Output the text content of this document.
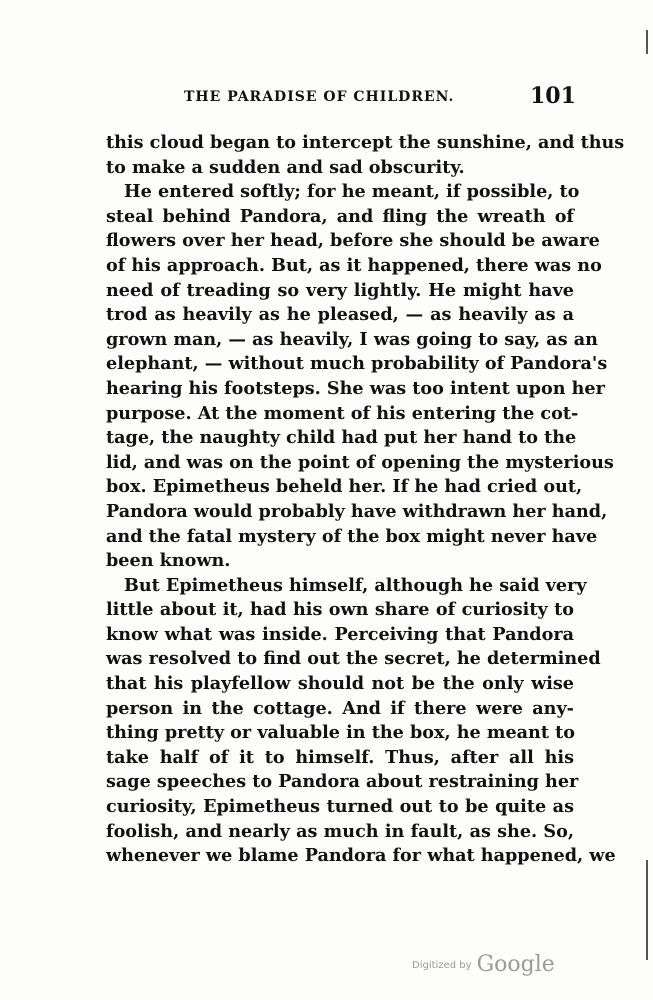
THE PARADISE OF CHILDREN.	101
this cloud began to intercept the sunshine, and thus
to make a sudden and sad obscurity.
He entered softly; for he meant, if possible, to
steal behind Pandora, and fling the wreath of
flowers over her head, before she should be aware
of his approach. But, as it happened, there was no
need of treading so very lightly. He might have
trod as heavily as he pleased, — as heavily as a
grown man, — as heavily, I was going to say, as an
elephant, — without much probability of Pandora's
hearing his footsteps. She was too intent upon her
purpose. At the moment of his entering the cot-
tage, the naughty child had put her hand to the
lid, and was on the point of opening the mysterious
box. Epimetheus beheld her. If he had cried out,
Pandora would probably have withdrawn her hand,
and the fatal mystery of the box might never have
been known.
But Epimetheus himself, although he said very
little about it, had his own share of curiosity to
know what was inside. Perceiving that Pandora
was resolved to find out the secret, he determined
that his playfellow should not be the only wise
person in the cottage. And if there were any-
thing pretty or valuable in the box, he meant to
take half of it to himself. Thus, after all his
sage speeches to Pandora about restraining her
curiosity, Epimetheus turned out to be quite as
foolish, and nearly as much in fault, as she. So,
whenever we blame Pandora for what happened, we
Digitized by Google
